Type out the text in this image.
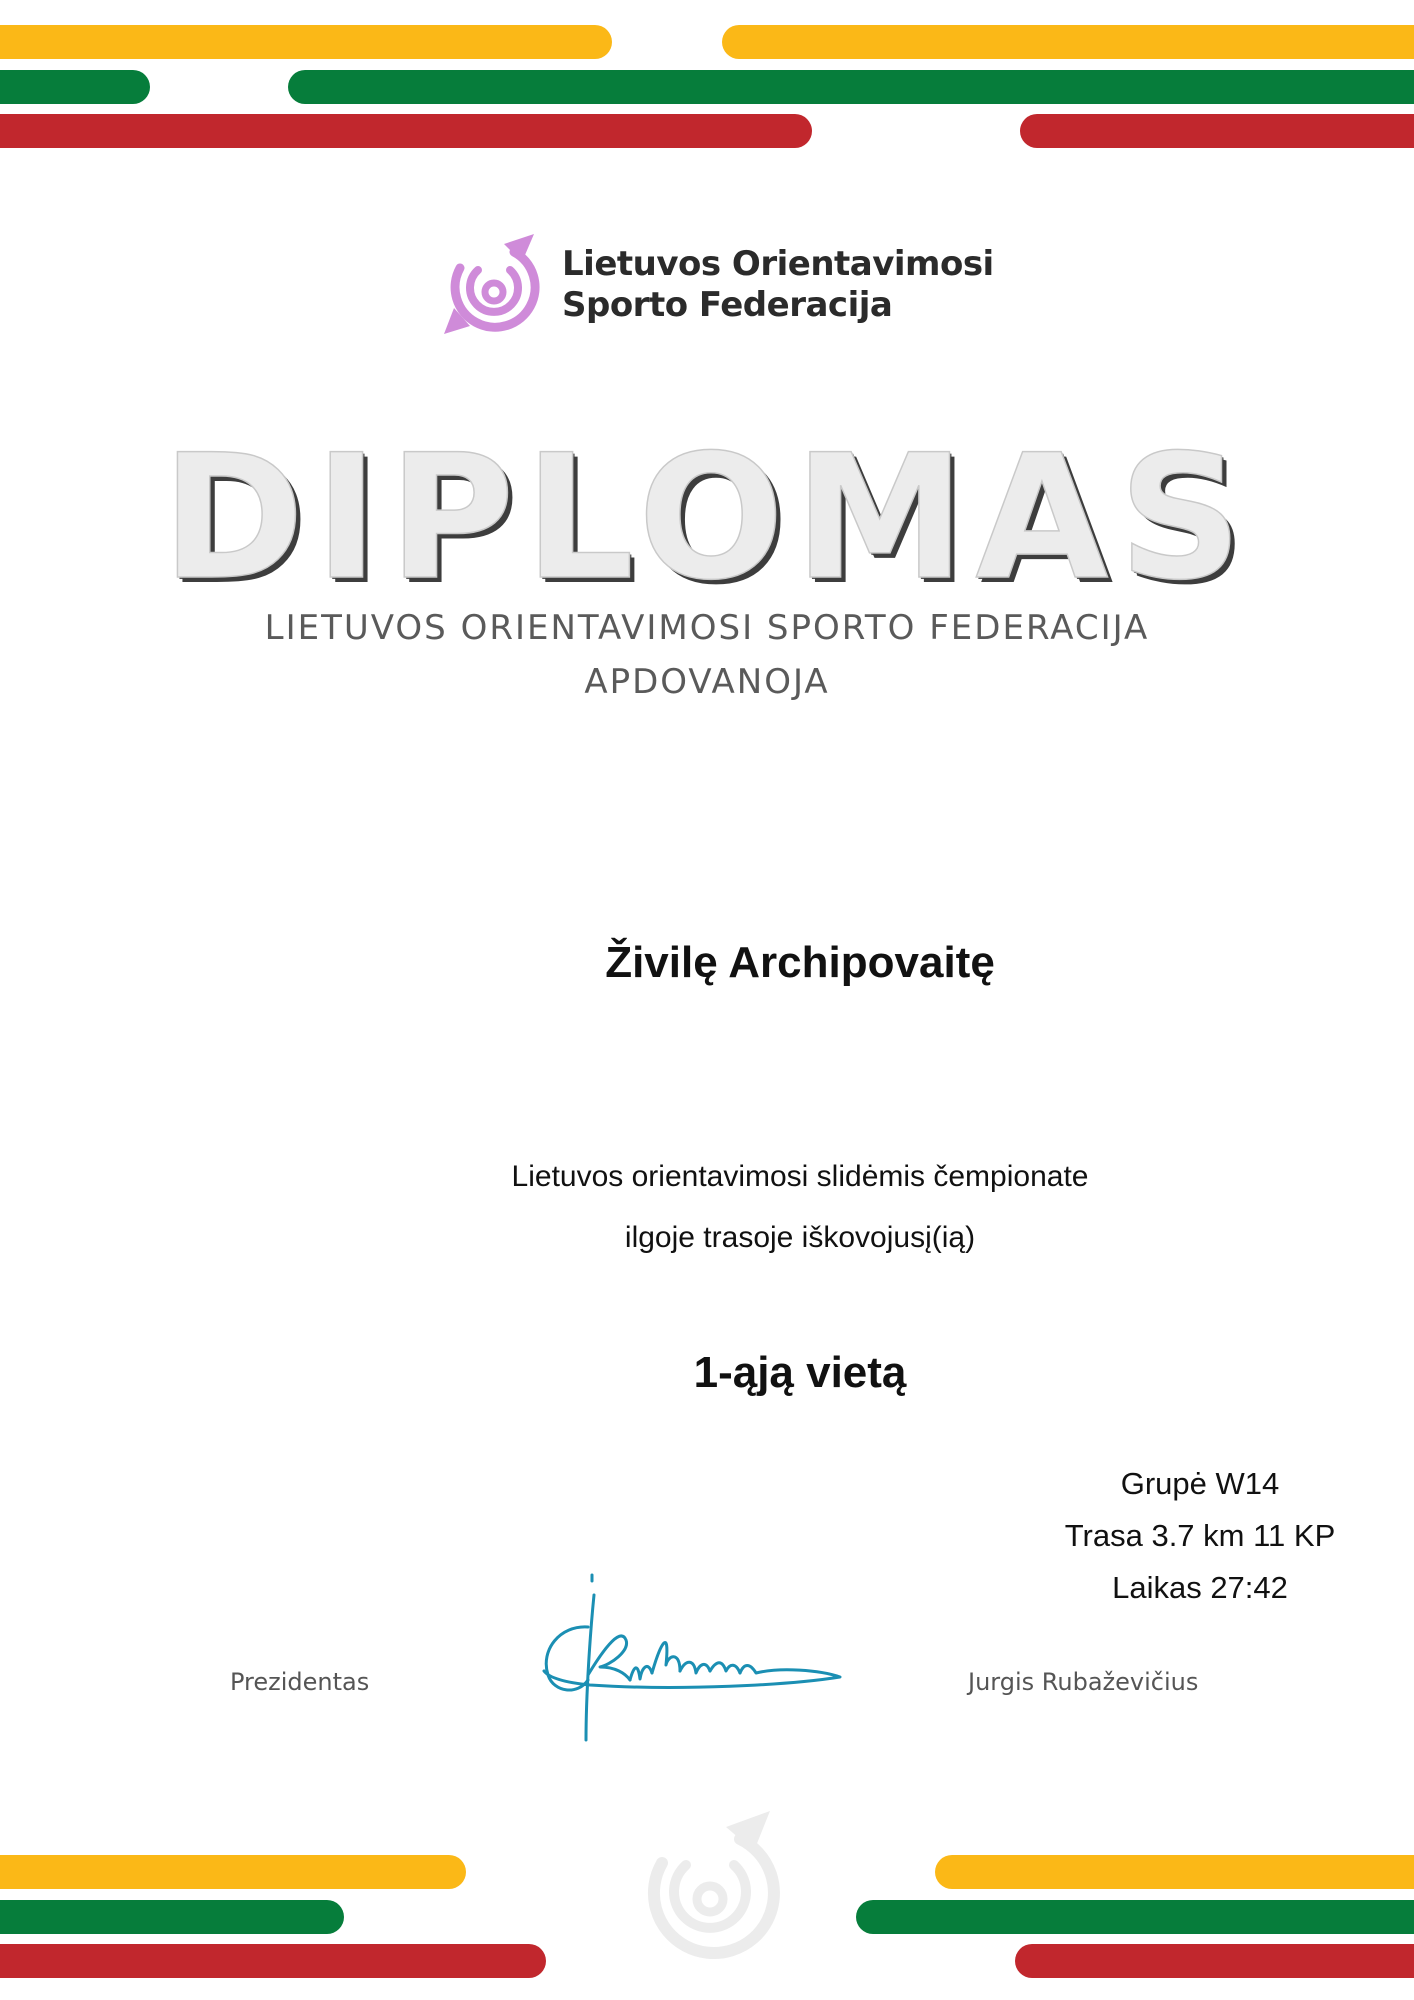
Lietuvos Orientavimosi
Sporto Federacija
DIPLOMAS
LIETUVOS ORIENTAVIMOSI SPORTO FEDERACIJA
APDOVANOJA
Živilę Archipovaitę
Lietuvos orientavimosi slidėmis čempionate
ilgoje trasoje iškovojusį(ią)
1-ąją vietą
Grupė W14
Trasa 3.7 km 11 KP
Laikas 27:42
Prezidentas	Jurgis Rubaževičius
